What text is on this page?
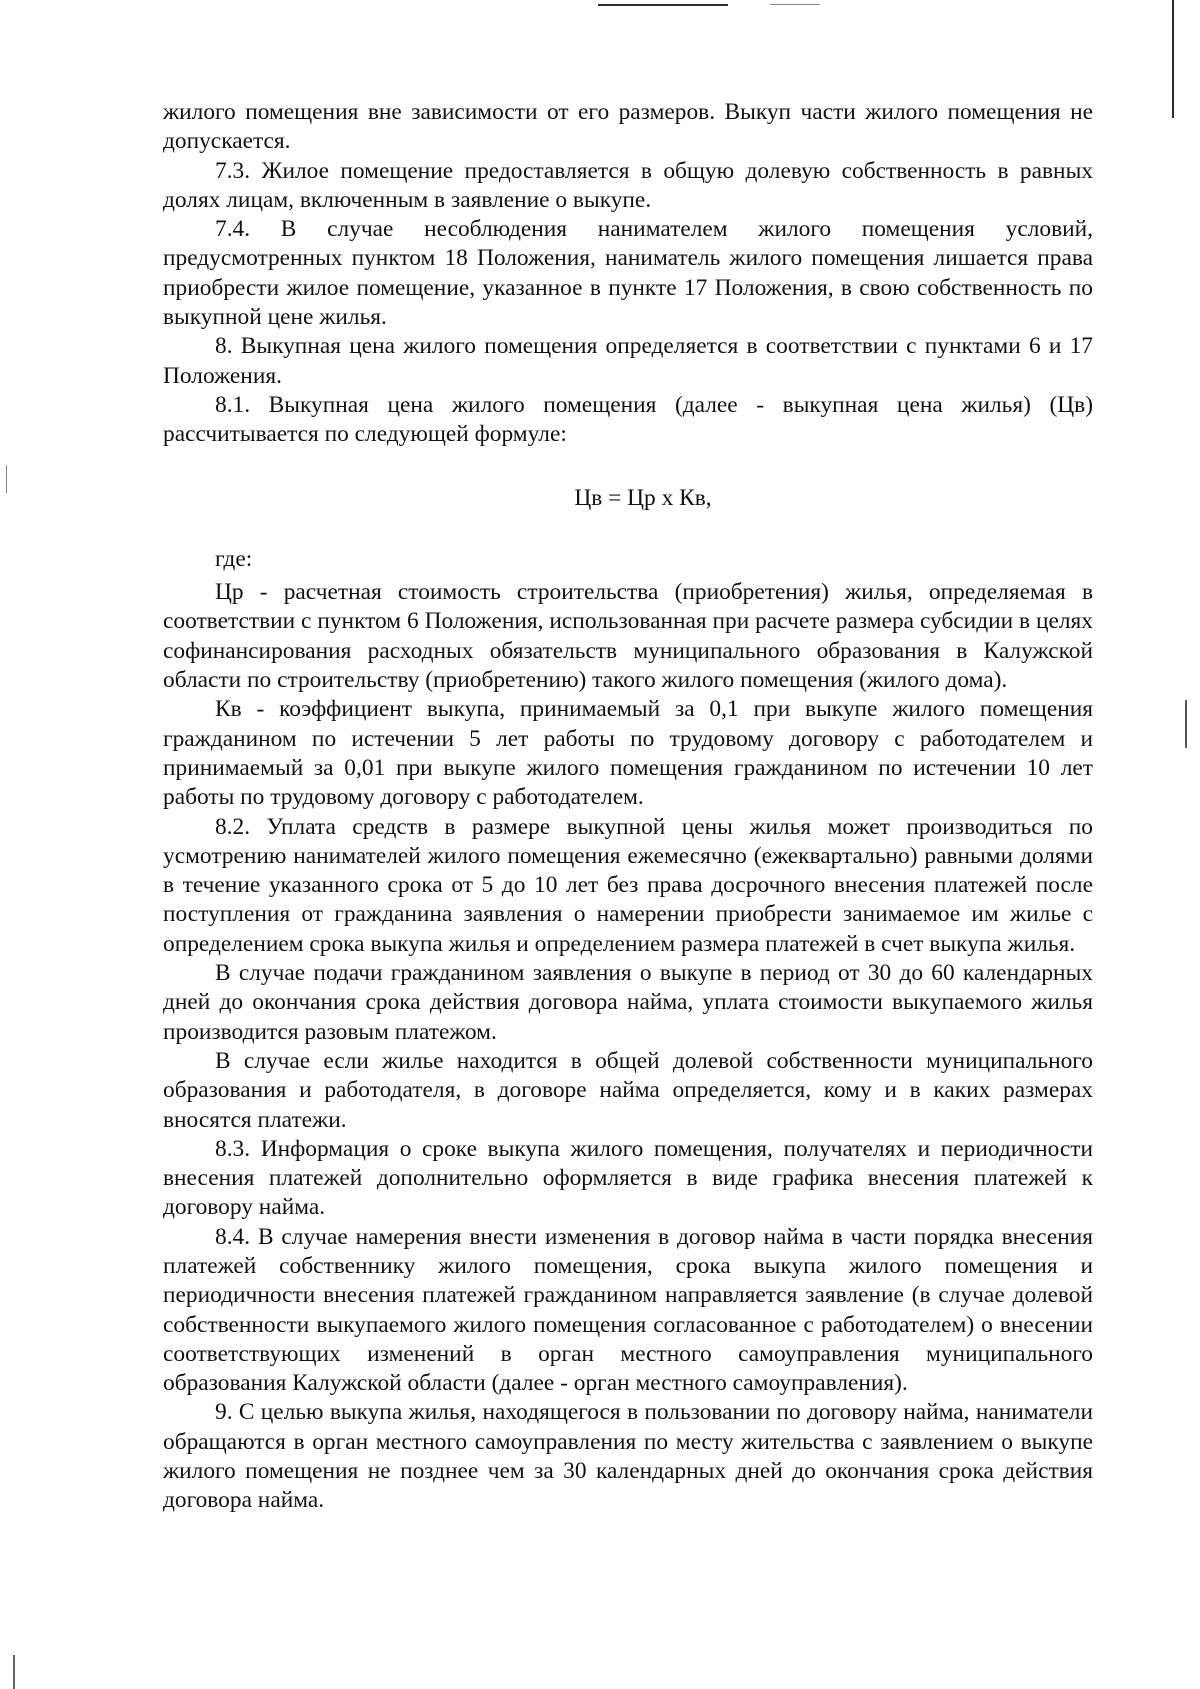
жилого помещения вне зависимости от его размеров. Выкуп части жилого помещения не допускается.

7.3. Жилое помещение предоставляется в общую долевую собственность в равных долях лицам, включенным в заявление о выкупе.

7.4. В случае несоблюдения нанимателем жилого помещения условий, предусмотренных пунктом 18 Положения, наниматель жилого помещения лишается права приобрести жилое помещение, указанное в пункте 17 Положения, в свою собственность по выкупной цене жилья.

8. Выкупная цена жилого помещения определяется в соответствии с пунктами 6 и 17 Положения.

8.1. Выкупная цена жилого помещения (далее - выкупная цена жилья) (Цв) рассчитывается по следующей формуле:

Цв = Цр x Кв,

где:

Цр - расчетная стоимость строительства (приобретения) жилья, определяемая в соответствии с пунктом 6 Положения, использованная при расчете размера субсидии в целях софинансирования расходных обязательств муниципального образования в Калужской области по строительству (приобретению) такого жилого помещения (жилого дома).

Кв - коэффициент выкупа, принимаемый за 0,1 при выкупе жилого помещения гражданином по истечении 5 лет работы по трудовому договору с работодателем и принимаемый за 0,01 при выкупе жилого помещения гражданином по истечении 10 лет работы по трудовому договору с работодателем.

8.2. Уплата средств в размере выкупной цены жилья может производиться по усмотрению нанимателей жилого помещения ежемесячно (ежеквартально) равными долями в течение указанного срока от 5 до 10 лет без права досрочного внесения платежей после поступления от гражданина заявления о намерении приобрести занимаемое им жилье с определением срока выкупа жилья и определением размера платежей в счет выкупа жилья.

В случае подачи гражданином заявления о выкупе в период от 30 до 60 календарных дней до окончания срока действия договора найма, уплата стоимости выкупаемого жилья производится разовым платежом.

В случае если жилье находится в общей долевой собственности муниципального образования и работодателя, в договоре найма определяется, кому и в каких размерах вносятся платежи.

8.3. Информация о сроке выкупа жилого помещения, получателях и периодичности внесения платежей дополнительно оформляется в виде графика внесения платежей к договору найма.

8.4. В случае намерения внести изменения в договор найма в части порядка внесения платежей собственнику жилого помещения, срока выкупа жилого помещения и периодичности внесения платежей гражданином направляется заявление (в случае долевой собственности выкупаемого жилого помещения согласованное с работодателем) о внесении соответствующих изменений в орган местного самоуправления муниципального образования Калужской области (далее - орган местного самоуправления).

9. С целью выкупа жилья, находящегося в пользовании по договору найма, наниматели обращаются в орган местного самоуправления по месту жительства с заявлением о выкупе жилого помещения не позднее чем за 30 календарных дней до окончания срока действия договора найма.
